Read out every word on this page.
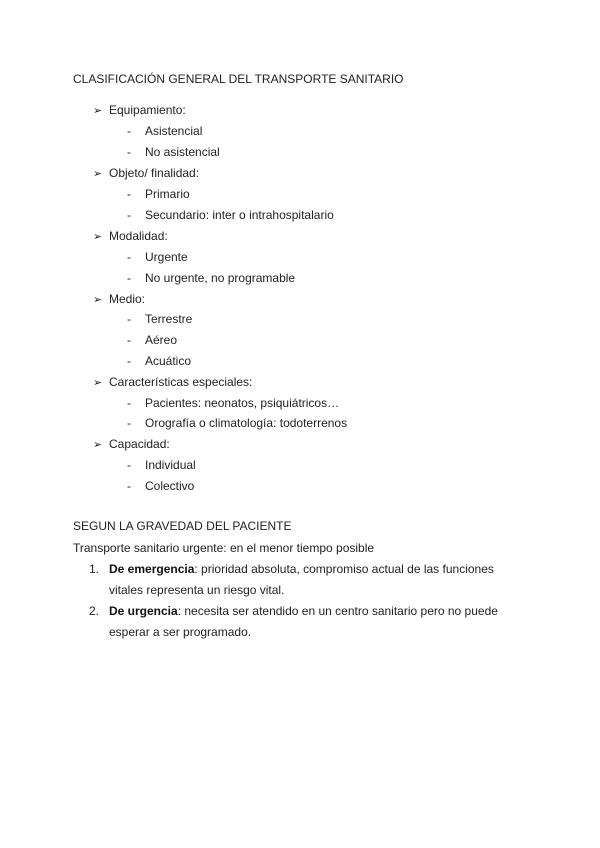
CLASIFICACIÓN GENERAL DEL TRANSPORTE SANITARIO
➢ Equipamiento:
- Asistencial
- No asistencial
➢ Objeto/ finalidad:
- Primario
- Secundario: inter o intrahospitalario
➢ Modalidad:
- Urgente
- No urgente, no programable
➢ Medio:
- Terrestre
- Aéreo
- Acuático
➢ Características especiales:
- Pacientes: neonatos, psiquiátricos…
- Orografía o climatología: todoterrenos
➢ Capacidad:
- Individual
- Colectivo
SEGUN LA GRAVEDAD DEL PACIENTE
Transporte sanitario urgente: en el menor tiempo posible
1. De emergencia: prioridad absoluta, compromiso actual de las funciones vitales representa un riesgo vital.
2. De urgencia: necesita ser atendido en un centro sanitario pero no puede esperar a ser programado.
